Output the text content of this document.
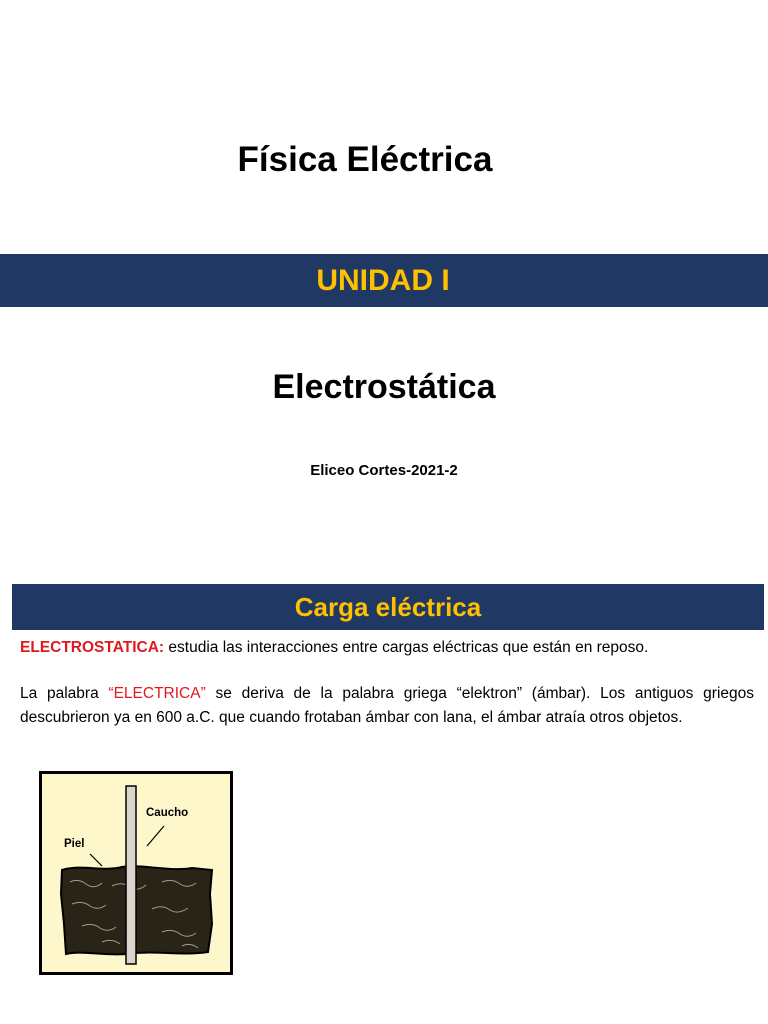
Física Eléctrica
UNIDAD I
Electrostática
Eliceo Cortes-2021-2
Carga eléctrica
ELECTROSTATICA: estudia las interacciones entre cargas eléctricas que están en reposo.
La palabra “ELECTRICA” se deriva de la palabra griega “elektron” (ámbar). Los antiguos griegos descubrieron ya en 600 a.C. que cuando frotaban ámbar con lana, el ámbar atraía otros objetos.
Caucho
Piel
